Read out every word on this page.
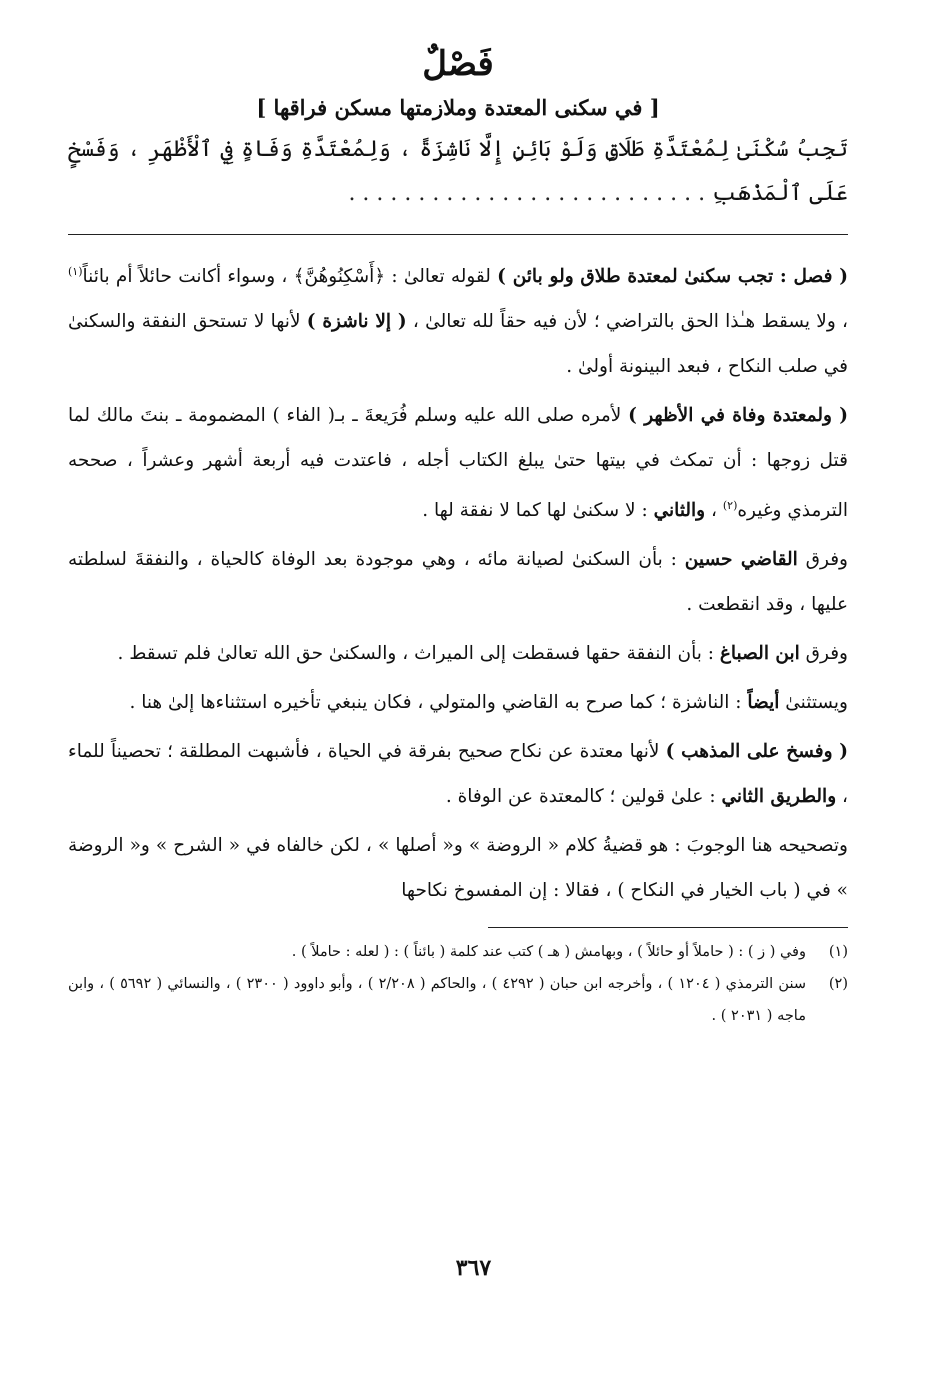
فَصْلٌ
[ في سكنى المعتدة وملازمتها مسكن فراقها ]
تَجِبُ سُكْنَىٰ لِمُعْتَدَّةِ طَلَاقٍ وَلَوْ بَائِنٍ إِلَّا نَاشِزَةً ، وَلِمُعْتَدَّةِ وَفَاةٍ فِي ٱلْأَظْهَرِ ، وَفَسْخٍ عَلَى ٱلْمَذْهَبِ . . . . . . . . . . . . . . . . . . . . . . . . . .

( فصل : تجب سكنىٰ لمعتدة طلاق ولو بائن ) لقوله تعالىٰ : ﴿أَسْكِنُوهُنَّ﴾ ، وسواء أكانت حائلاً أم بائناً$^{(١)}$ ، ولا يسقط هـٰذا الحق بالتراضي ؛ لأن فيه حقاً لله تعالىٰ ، ( إلا ناشزة ) لأنها لا تستحق النفقة والسكنىٰ في صلب النكاح ، فبعد البينونة أولىٰ .

( ولمعتدة وفاة في الأظهر ) لأمره صلى الله عليه وسلم فُرَيعةَ ـ بـ( الفاء ) المضمومة ـ بنتَ مالك لما قتل زوجها : أن تمكث في بيتها حتىٰ يبلغ الكتاب أجله ، فاعتدت فيه أربعة أشهر وعشراً ، صححه الترمذي وغيره$^{(٢)}$ ، والثاني : لا سكنىٰ لها كما لا نفقة لها .

وفرق القاضي حسين : بأن السكنىٰ لصيانة مائه ، وهي موجودة بعد الوفاة كالحياة ، والنفقةَ لسلطته عليها ، وقد انقطعت .

وفرق ابن الصباغ : بأن النفقة حقها فسقطت إلى الميراث ، والسكنىٰ حق الله تعالىٰ فلم تسقط .

ويستثنىٰ أيضاً : الناشزة ؛ كما صرح به القاضي والمتولي ، فكان ينبغي تأخيره استثناءها إلىٰ هنا .

( وفسخ على المذهب ) لأنها معتدة عن نكاح صحيح بفرقة في الحياة ، فأشبهت المطلقة ؛ تحصيناً للماء ، والطريق الثاني : علىٰ قولين ؛ كالمعتدة عن الوفاة .

وتصحيحه هنا الوجوبَ : هو قضيةُ كلام « الروضة » و« أصلها » ، لكن خالفاه في « الشرح » و« الروضة » في ( باب الخيار في النكاح ) ، فقالا : إن المفسوخ نكاحها

(١)
وفي ( ز ) : ( حاملاً أو حائلاً ) ، وبهامش ( هـ ) كتب عند كلمة ( بائناً ) : ( لعله : حاملاً ) .
(٢)
سنن الترمذي ( ١٢٠٤ ) ، وأخرجه ابن حبان ( ٤٢٩٢ ) ، والحاكم ( ٢/٢٠٨ ) ، وأبو داوود ( ٢٣٠٠ ) ، والنسائي ( ٥٦٩٢ ) ، وابن ماجه ( ٢٠٣١ ) .
٣٦٧
